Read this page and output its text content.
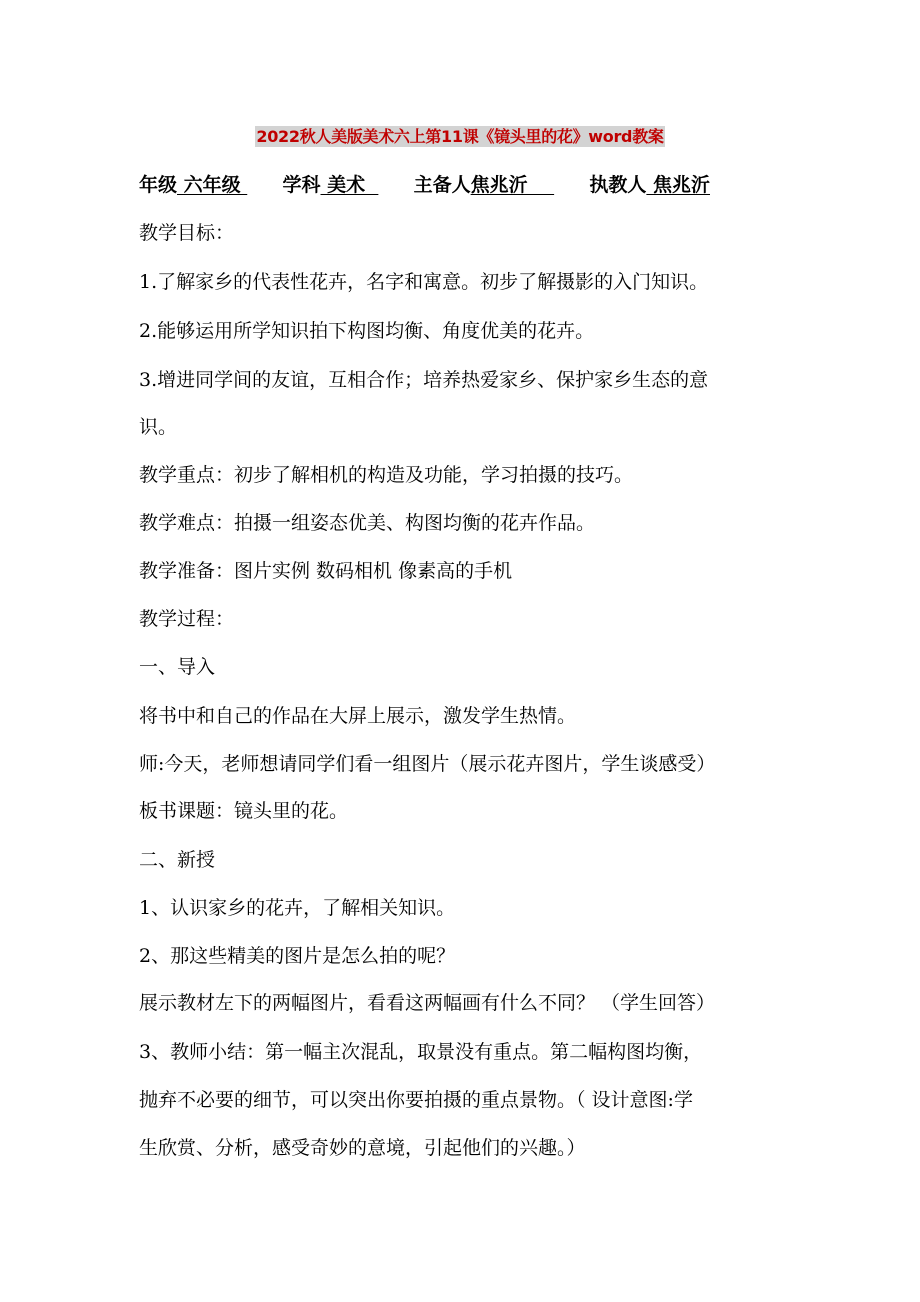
2022秋人美版美术六上第11课《镜头里的花》word教案
年级 六年级   学科 美术    主备人焦兆沂      执教人 焦兆沂
教学目标：
1.了解家乡的代表性花卉，名字和寓意。初步了解摄影的入门知识。
2.能够运用所学知识拍下构图均衡、角度优美的花卉。
3.增进同学间的友谊，互相合作；培养热爱家乡、保护家乡生态的意
识。
教学重点：初步了解相机的构造及功能，学习拍摄的技巧。
教学难点：拍摄一组姿态优美、构图均衡的花卉作品。
教学准备：图片实例 数码相机 像素高的手机
教学过程：
一、导入
将书中和自己的作品在大屏上展示，激发学生热情。
师:今天，老师想请同学们看一组图片（展示花卉图片，学生谈感受）
板书课题：镜头里的花。
二、新授
1、认识家乡的花卉，了解相关知识。
2、那这些精美的图片是怎么拍的呢？
展示教材左下的两幅图片，看看这两幅画有什么不同？ （学生回答）
3、教师小结：第一幅主次混乱，取景没有重点。第二幅构图均衡，
抛弃不必要的细节，可以突出你要拍摄的重点景物。（ 设计意图:学
生欣赏、分析，感受奇妙的意境，引起他们的兴趣。）
